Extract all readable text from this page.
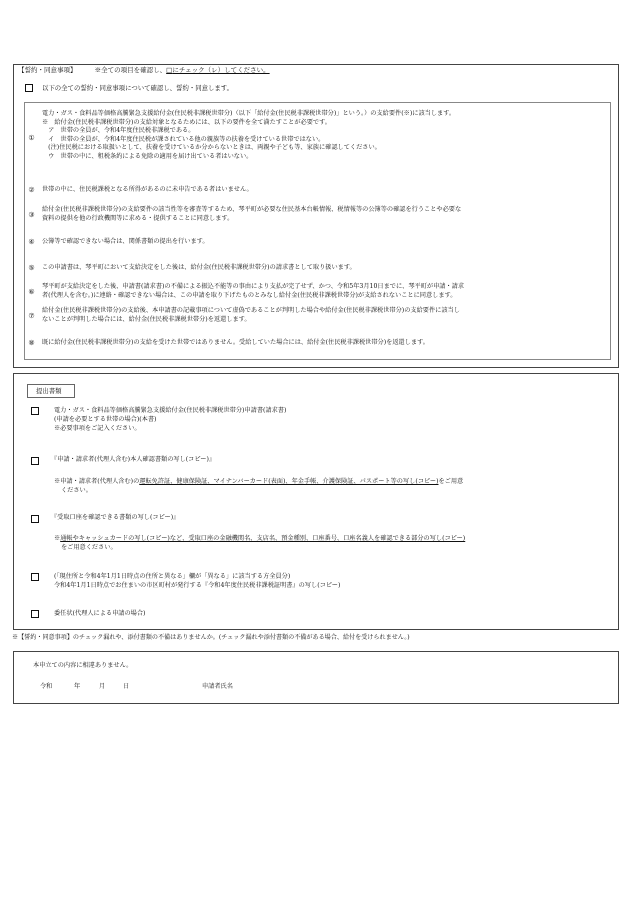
【誓約・同意事項】	※全ての項目を確認し、□にチェック（レ）してください。
以下の全ての誓約・同意事項について確認し、誓約・同意します。
①
電力・ガス・食料品等価格高騰緊急支援給付金(住民税非課税世帯分)（以下「給付金(住民税非課税世帯分)」という。）の支給要件(※)に該当します。
※　給付金(住民税非課税世帯分)の支給対象となるためには、以下の要件を全て満たすことが必要です。
　ア　世帯の全員が、令和4年度住民税非課税である。
　イ　世帯の全員が、令和4年度住民税が課されている他の親族等の扶養を受けている世帯ではない。
　(注)住民税における取扱いとして、扶養を受けているか分からないときは、両親や子ども等、家族に確認してください。
　ウ　世帯の中に、租税条約による免除の適用を届け出ている者はいない。
② 世帯の中に、住民税課税となる所得があるのに未申告である者はいません。
③
給付金(住民税非課税世帯分)の支給要件の該当性等を審査等するため、琴平町が必要な住民基本台帳情報、税情報等の公簿等の確認を行うことや必要な
資料の提供を他の行政機関等に求める・提供することに同意します。
④ 公簿等で確認できない場合は、関係書類の提出を行います。
⑤ この申請書は、琴平町において支給決定をした後は、給付金(住民税非課税世帯分)の請求書として取り扱います。
⑥
琴平町が支給決定をした後、申請書(請求書)の不備による振込不能等の事由により支払が完了せず、かつ、令和5年3月10日までに、琴平町が申請・請求
者(代理人を含む。)に連絡・確認できない場合は、この申請を取り下げたものとみなし給付金(住民税非課税世帯分)が支給されないことに同意します。
⑦
給付金(住民税非課税世帯分)の支給後、本申請書の記載事項について虚偽であることが判明した場合や給付金(住民税非課税世帯分)の支給要件に該当し
ないことが判明した場合には、給付金(住民税非課税世帯分)を返還します。
⑧ 既に給付金(住民税非課税世帯分)の支給を受けた世帯ではありません。受給していた場合には、給付金(住民税非課税世帯分)を返還します。
提出書類
電力・ガス・食料品等価格高騰緊急支援給付金(住民税非課税世帯分)申請書(請求書)
(申請を必要とする世帯の場合)(本書)
※必要事項をご記入ください。
『申請・請求者(代理人含む)本人確認書類の写し(コピー)』
※申請・請求者(代理人含む)の運転免許証、健康保険証、マイナンバーカード(表面)、年金手帳、介護保険証、パスポート等の写し(コピー)をご用意
ください。
『受取口座を確認できる書類の写し(コピー)』
※通帳やキャッシュカードの写し(コピー)など、受取口座の金融機関名、支店名、預金種別、口座番号、口座名義人を確認できる部分の写し(コピー)
をご用意ください。
(「現住所と令和4年1月1日時点の住所と異なる」欄が「異なる」に該当する方全員分)
令和4年1月1日時点でお住まいの市区町村が発行する『令和4年度住民税非課税証明書』の写し(コピー)
委任状(代理人による申請の場合)
※【誓約・同意事項】のチェック漏れや、添付書類の不備はありませんか。(チェック漏れや添付書類の不備がある場合、給付を受けられません。)
本申立ての内容に相違ありません。
令和	年	月	日	申請者氏名
